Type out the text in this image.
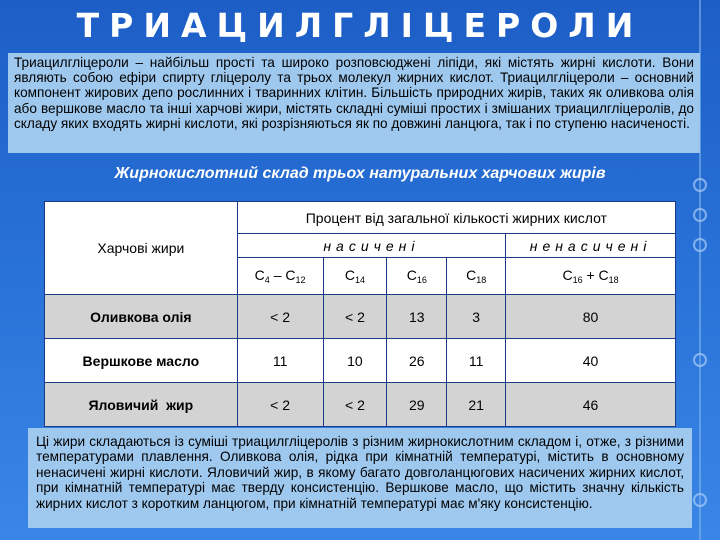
ТРИАЦИЛГЛІЦЕРОЛИ
Триацилгліцероли – найбільш прості та широко розповсюджені ліпіди, які містять жирні кислоти. Вони являють собою ефіри спирту гліцеролу та трьох молекул жирних кислот. Триацилгліцероли – основний компонент жирових депо рослинних і тваринних клітин. Більшість природних жирів, таких як оливкова олія або вершкове масло та інші харчові жири, містять складні суміші простих і змішаних триацилгліцеролів, до складу яких входять жирні кислоти, які розрізняються як по довжині ланцюга, так і по ступеню насиченості.
Жирнокислотний склад трьох натуральних харчових жирів
Харчові жири	Процент від загальної кількості жирних кислот				
	насичені				ненасичені
	$C_4 - C_{12}$	$C_{14}$	$C_{16}$	$C_{18}$	$C_{16} + C_{18}$
Оливкова олія	< 2	< 2	13	3	80
Вершкове масло	11	10	26	11	40
Яловичий  жир	< 2	< 2	29	21	46
Ці жири складаються із суміші триацилгліцеролів з різним жирнокислотним складом і, отже, з різними температурами плавлення. Оливкова олія, рідка при кімнатній температурі, містить в основному ненасичені жирні кислоти. Яловичий жир, в якому багато довголанцюгових насичених жирних кислот, при кімнатній температурі має тверду консистенцію. Вершкове масло, що містить значну кількість жирних кислот з коротким ланцюгом, при кімнатній температурі має м'яку консистенцію.
